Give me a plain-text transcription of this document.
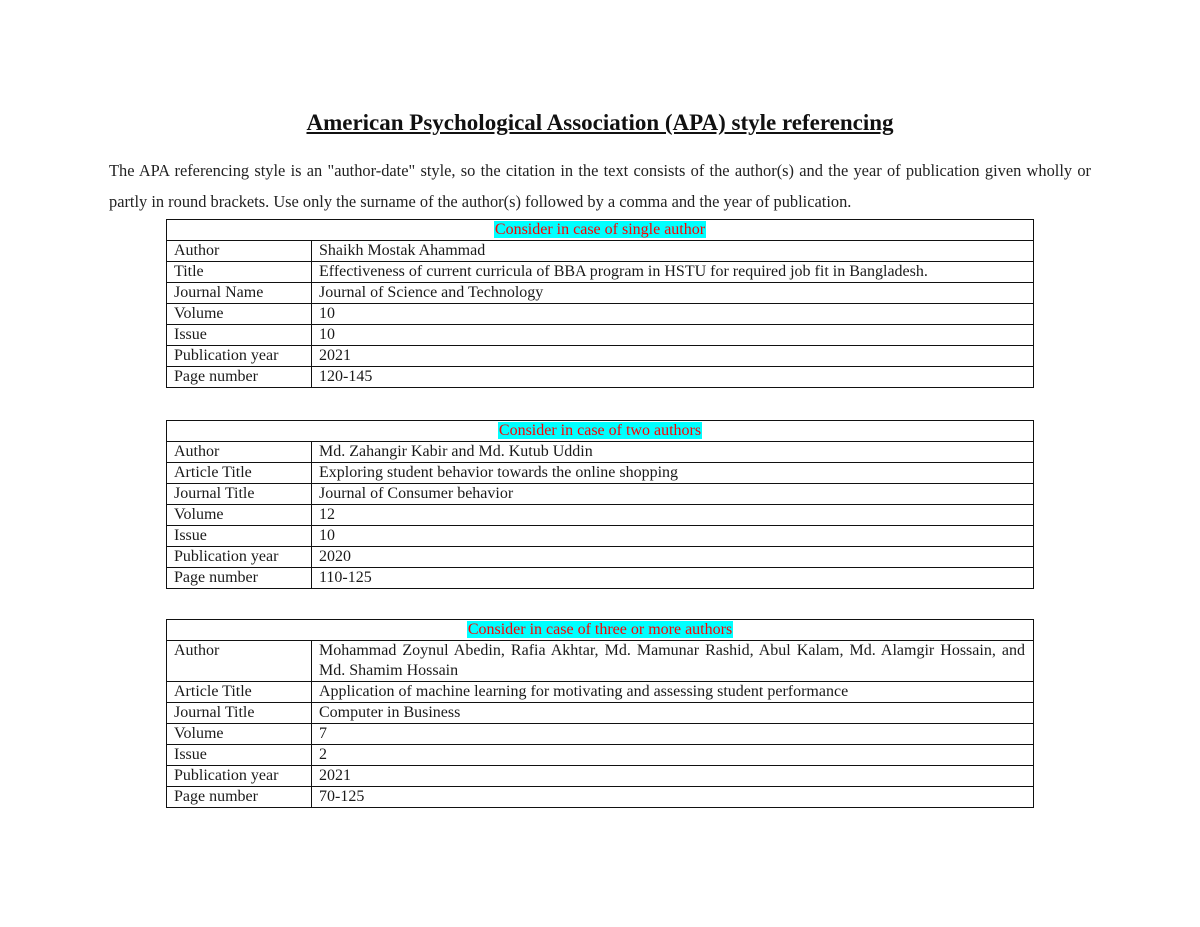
American Psychological Association (APA) style referencing
The APA referencing style is an "author-date" style, so the citation in the text consists of the author(s) and the year of publication given wholly or partly in round brackets. Use only the surname of the author(s) followed by a comma and the year of publication.
Consider in case of single author	
Author	Shaikh Mostak Ahammad
Title	Effectiveness of current curricula of BBA program in HSTU for required job fit in Bangladesh.
Journal Name	Journal of Science and Technology
Volume	10
Issue	10
Publication year	2021
Page number	120-145
Consider in case of two authors	
Author	Md. Zahangir Kabir and Md. Kutub Uddin
Article Title	Exploring student behavior towards the online shopping
Journal Title	Journal of Consumer behavior
Volume	12
Issue	10
Publication year	2020
Page number	110-125
Consider in case of three or more authors	
Author	Mohammad Zoynul Abedin, Rafia Akhtar, Md. Mamunar Rashid, Abul Kalam, Md. Alamgir Hossain, and Md. Shamim Hossain
Article Title	Application of machine learning for motivating and assessing student performance
Journal Title	Computer in Business
Volume	7
Issue	2
Publication year	2021
Page number	70-125
